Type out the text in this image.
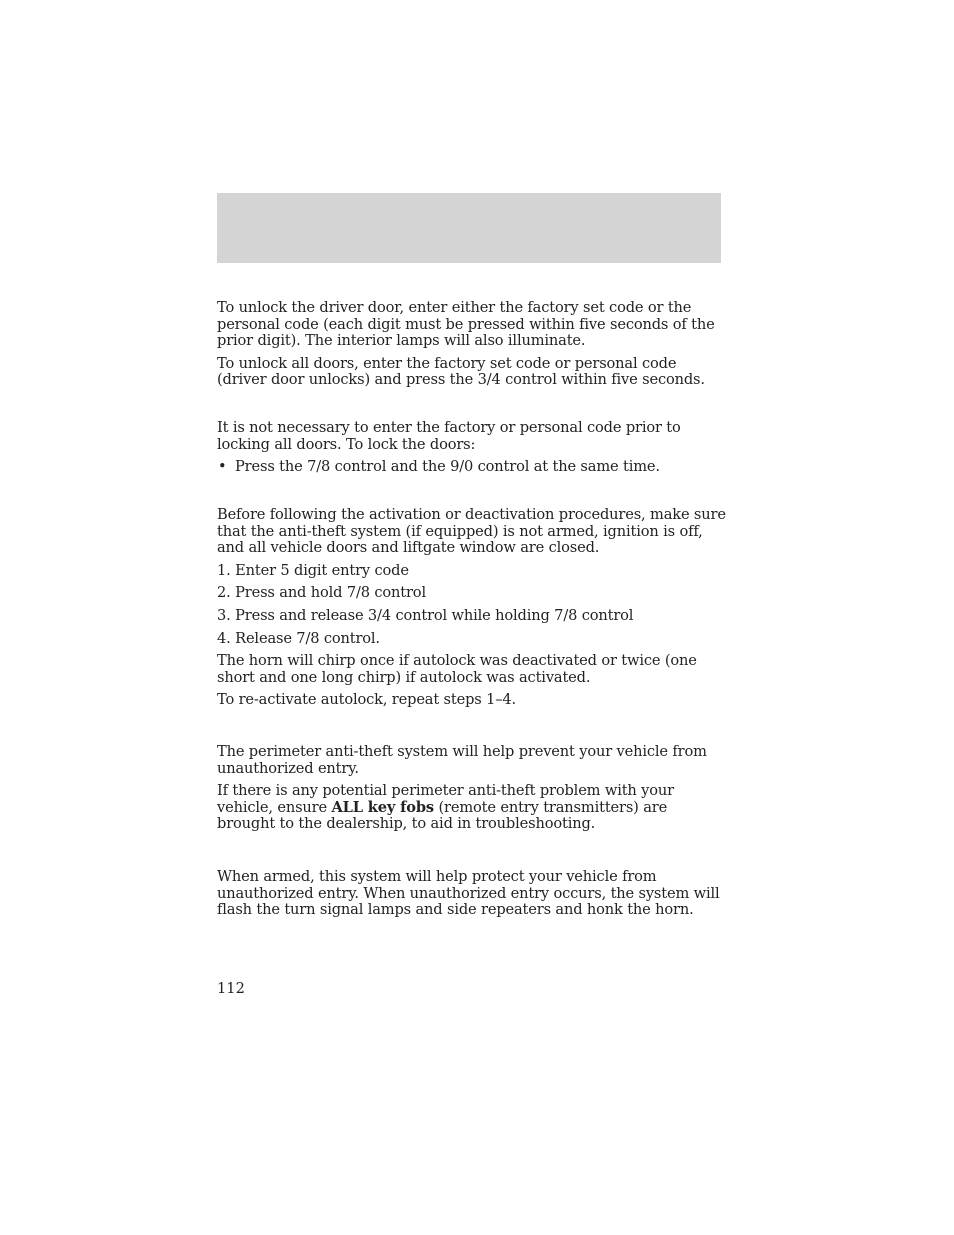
To unlock the driver door, enter either the factory set code or the personal code (each digit must be pressed within five seconds of the prior digit). The interior lamps will also illuminate.

To unlock all doors, enter the factory set code or personal code (driver door unlocks) and press the 3/4 control within five seconds.

It is not necessary to enter the factory or personal code prior to locking all doors. To lock the doors:

• Press the 7/8 control and the 9/0 control at the same time.

Before following the activation or deactivation procedures, make sure that the anti-theft system (if equipped) is not armed, ignition is off, and all vehicle doors and liftgate window are closed.

1. Enter 5 digit entry code

2. Press and hold 7/8 control

3. Press and release 3/4 control while holding 7/8 control

4. Release 7/8 control.

The horn will chirp once if autolock was deactivated or twice (one short and one long chirp) if autolock was activated.

To re-activate autolock, repeat steps 1–4.

The perimeter anti-theft system will help prevent your vehicle from unauthorized entry.

If there is any potential perimeter anti-theft problem with your vehicle, ensure ALL key fobs (remote entry transmitters) are brought to the dealership, to aid in troubleshooting.

When armed, this system will help protect your vehicle from unauthorized entry. When unauthorized entry occurs, the system will flash the turn signal lamps and side repeaters and honk the horn.

112
